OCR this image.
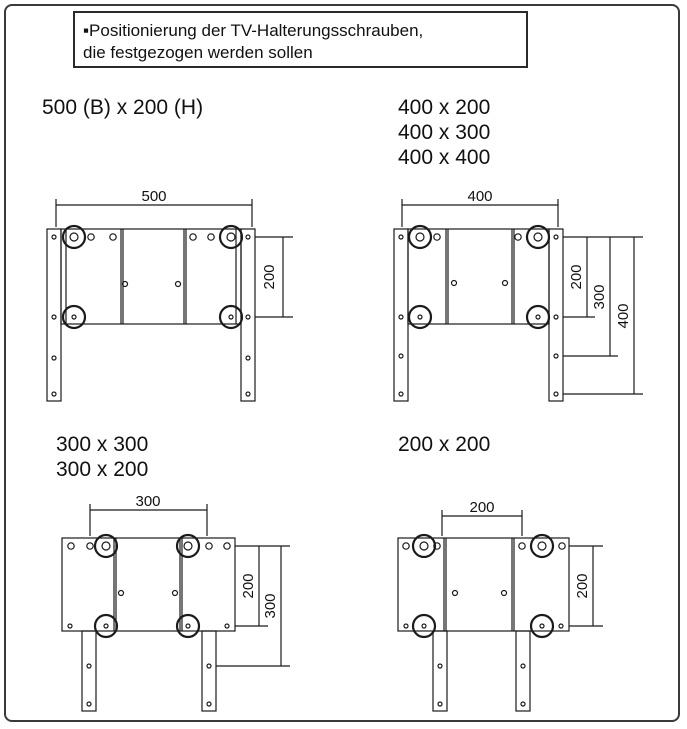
▪Positionierung der TV-Halterungsschrauben,
die festgezogen werden sollen
500 (B) x 200 (H)	400 x 200
400 x 300
400 x 400
300 x 300
300 x 200
200 x 200
500
200
400
200
300
400
300
200
300
200
200
